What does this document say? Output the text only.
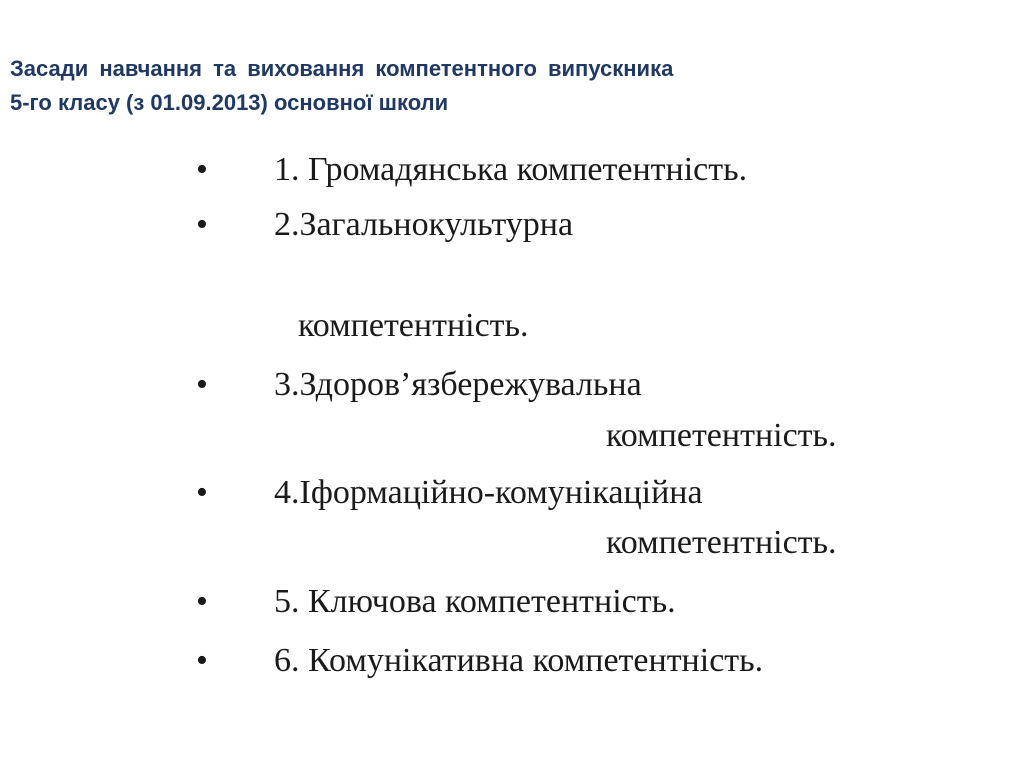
Засади навчання та виховання компетентного випускника
5-го класу (з 01.09.2013) основної школи
• 1. Громадянська компетентність.
• 2.Загальнокультурна
компетентність.
• 3.Здоров’язбережувальна
компетентність.
• 4.Іформаційно-комунікаційна
компетентність.
• 5. Ключова компетентність.
• 6. Комунікативна компетентність.
